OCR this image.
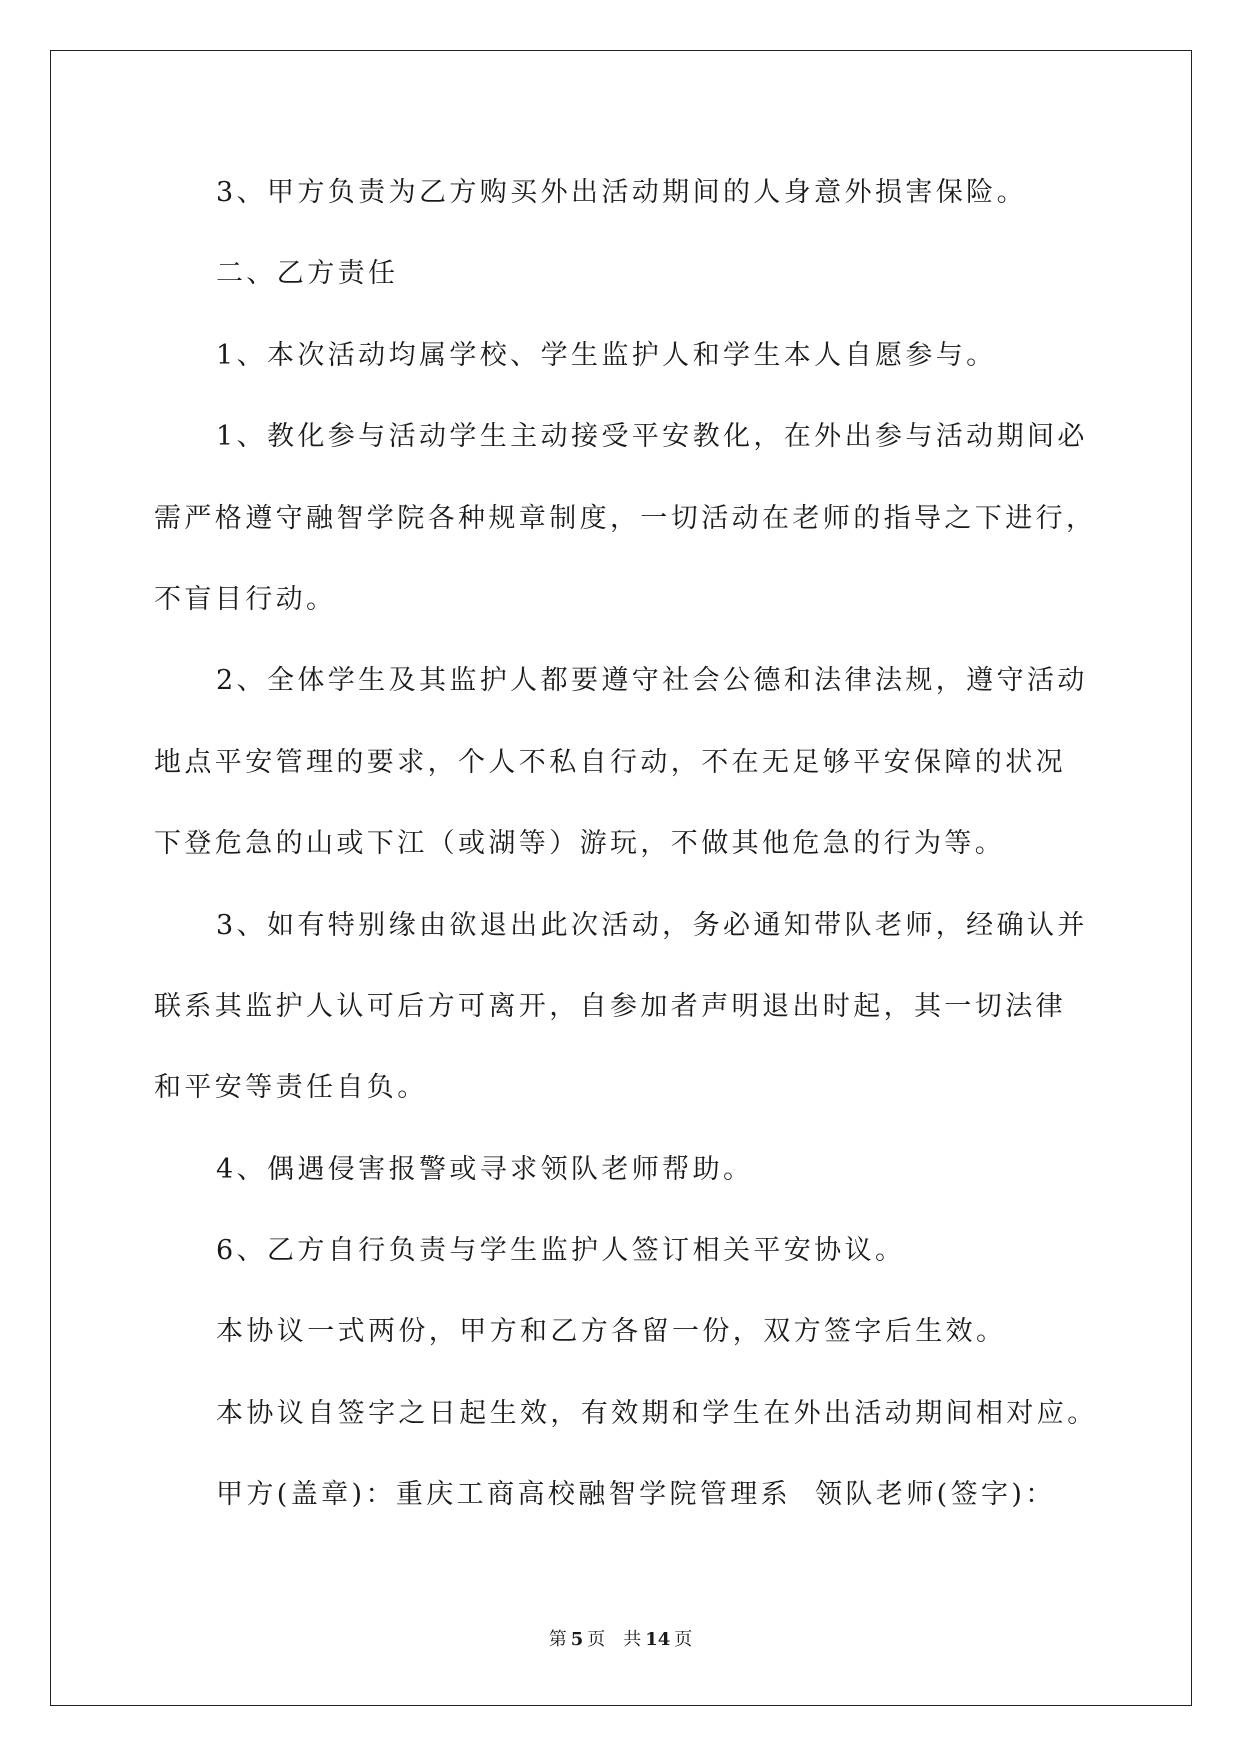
3、甲方负责为乙方购买外出活动期间的人身意外损害保险。
二、乙方责任
1、本次活动均属学校、学生监护人和学生本人自愿参与。
1、教化参与活动学生主动接受平安教化，在外出参与活动期间必
需严格遵守融智学院各种规章制度，一切活动在老师的指导之下进行，
不盲目行动。
2、全体学生及其监护人都要遵守社会公德和法律法规，遵守活动
地点平安管理的要求，个人不私自行动，不在无足够平安保障的状况
下登危急的山或下江（或湖等）游玩，不做其他危急的行为等。
3、如有特别缘由欲退出此次活动，务必通知带队老师，经确认并
联系其监护人认可后方可离开，自参加者声明退出时起，其一切法律
和平安等责任自负。
4、偶遇侵害报警或寻求领队老师帮助。
6、乙方自行负责与学生监护人签订相关平安协议。
本协议一式两份，甲方和乙方各留一份，双方签字后生效。
本协议自签字之日起生效，有效期和学生在外出活动期间相对应。
甲方(盖章)：重庆工商高校融智学院管理系  领队老师(签字)：
第 5 页 共 14 页
